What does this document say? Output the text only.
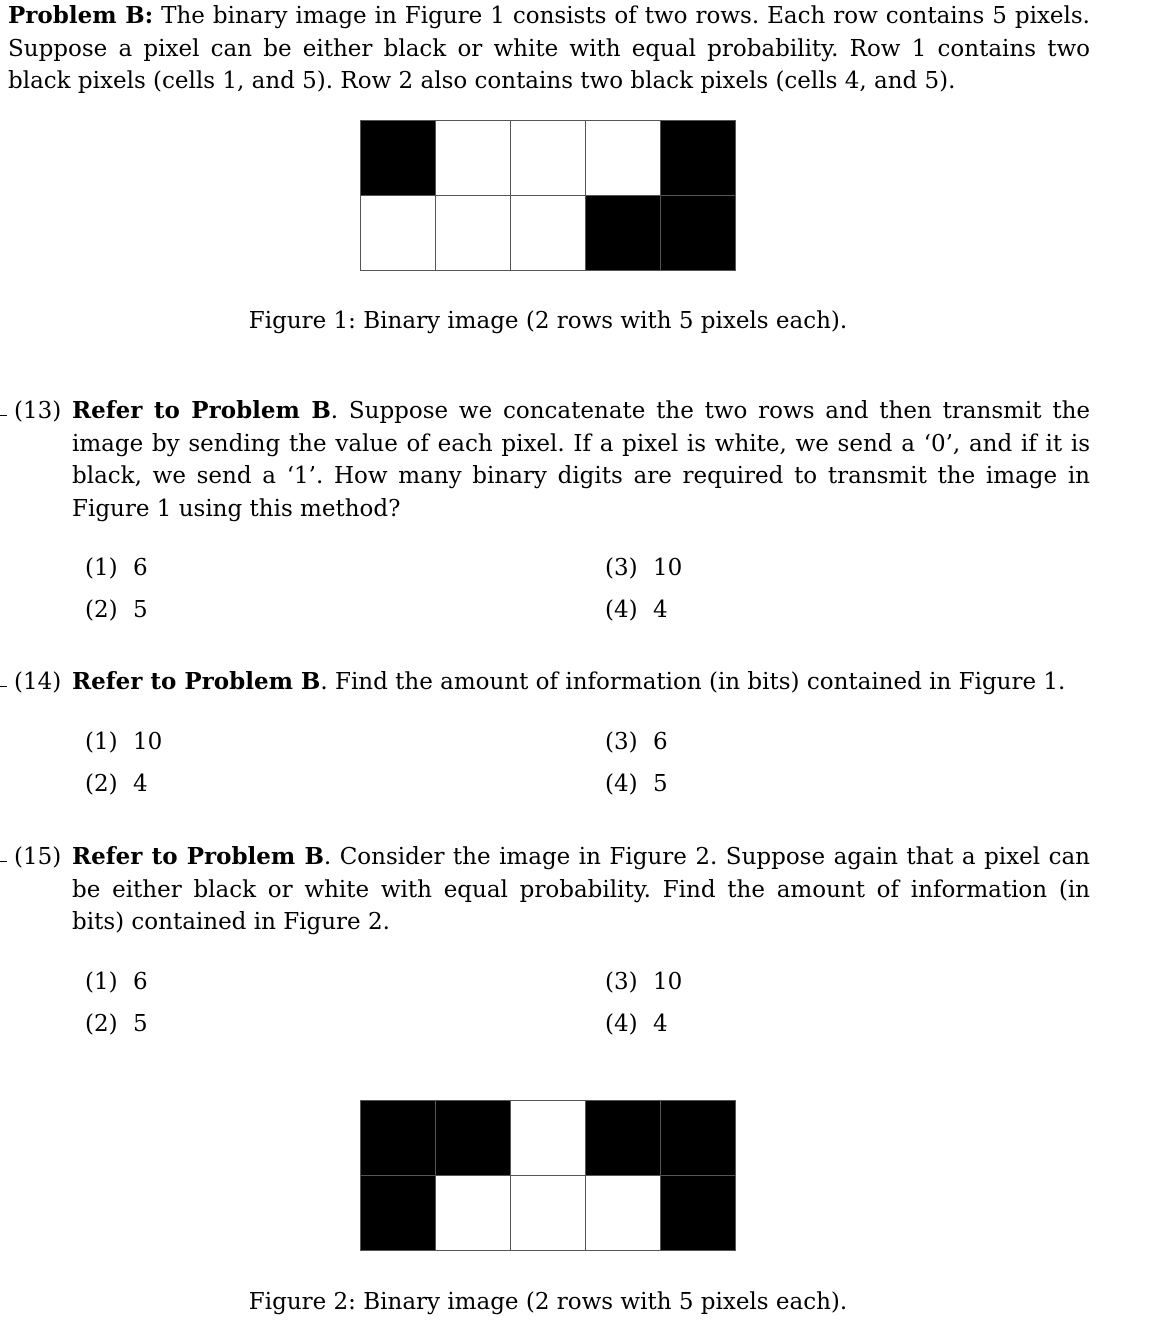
Problem B: The binary image in Figure 1 consists of two rows. Each row contains 5 pixels. Suppose a pixel can be either black or white with equal probability. Row 1 contains two black pixels (cells 1, and 5). Row 2 also contains two black pixels (cells 4, and 5).
Figure 1: Binary image (2 rows with 5 pixels each).
(13) Refer to Problem B. Suppose we concatenate the two rows and then transmit the image by sending the value of each pixel. If a pixel is white, we send a ‘0’, and if it is black, we send a ‘1’. How many binary digits are required to transmit the image in Figure 1 using this method?
(1) 6
(2) 5
(3) 10
(4) 4
(14) Refer to Problem B. Find the amount of information (in bits) contained in Figure 1.
(1) 10
(2) 4
(3) 6
(4) 5
(15) Refer to Problem B. Consider the image in Figure 2. Suppose again that a pixel can be either black or white with equal probability. Find the amount of information (in bits) contained in Figure 2.
(1) 6
(2) 5
(3) 10
(4) 4
Figure 2: Binary image (2 rows with 5 pixels each).
